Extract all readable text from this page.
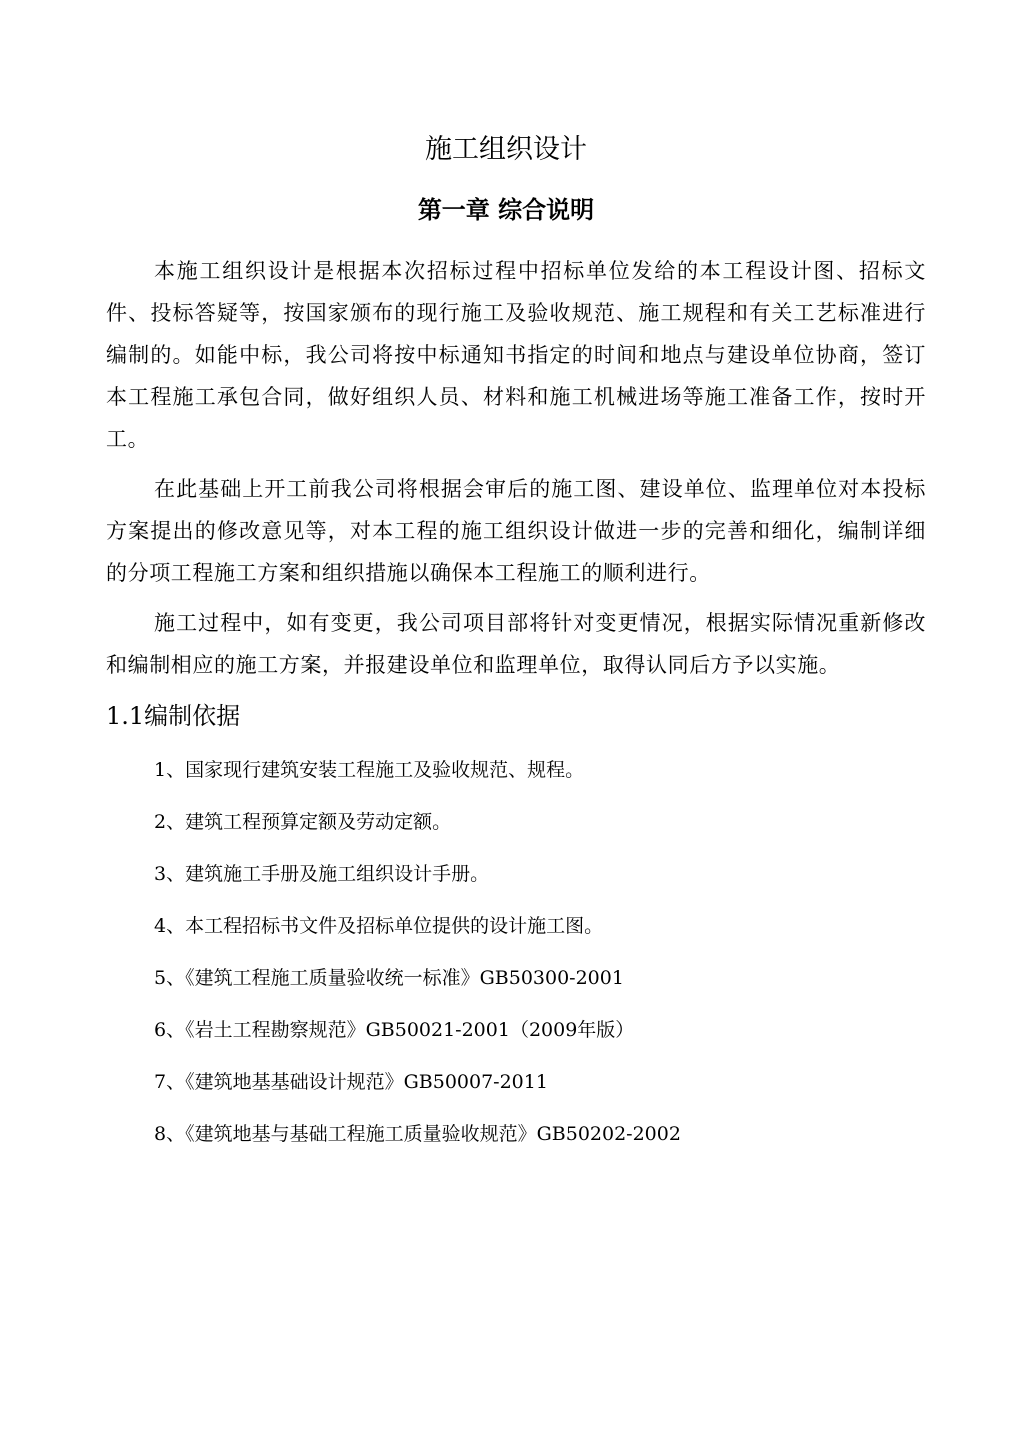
施工组织设计
第一章 综合说明

本施工组织设计是根据本次招标过程中招标单位发给的本工程设计图、招标文件、投标答疑等，按国家颁布的现行施工及验收规范、施工规程和有关工艺标准进行编制的。如能中标，我公司将按中标通知书指定的时间和地点与建设单位协商，签订本工程施工承包合同，做好组织人员、材料和施工机械进场等施工准备工作，按时开工。

在此基础上开工前我公司将根据会审后的施工图、建设单位、监理单位对本投标方案提出的修改意见等，对本工程的施工组织设计做进一步的完善和细化，编制详细的分项工程施工方案和组织措施以确保本工程施工的顺利进行。

施工过程中，如有变更，我公司项目部将针对变更情况，根据实际情况重新修改和编制相应的施工方案，并报建设单位和监理单位，取得认同后方予以实施。

1.1编制依据
1、国家现行建筑安装工程施工及验收规范、规程。
2、建筑工程预算定额及劳动定额。
3、建筑施工手册及施工组织设计手册。
4、本工程招标书文件及招标单位提供的设计施工图。
5、《建筑工程施工质量验收统一标准》GB50300-2001
6、《岩土工程勘察规范》GB50021-2001（2009年版）
7、《建筑地基基础设计规范》GB50007-2011
8、《建筑地基与基础工程施工质量验收规范》GB50202-2002
